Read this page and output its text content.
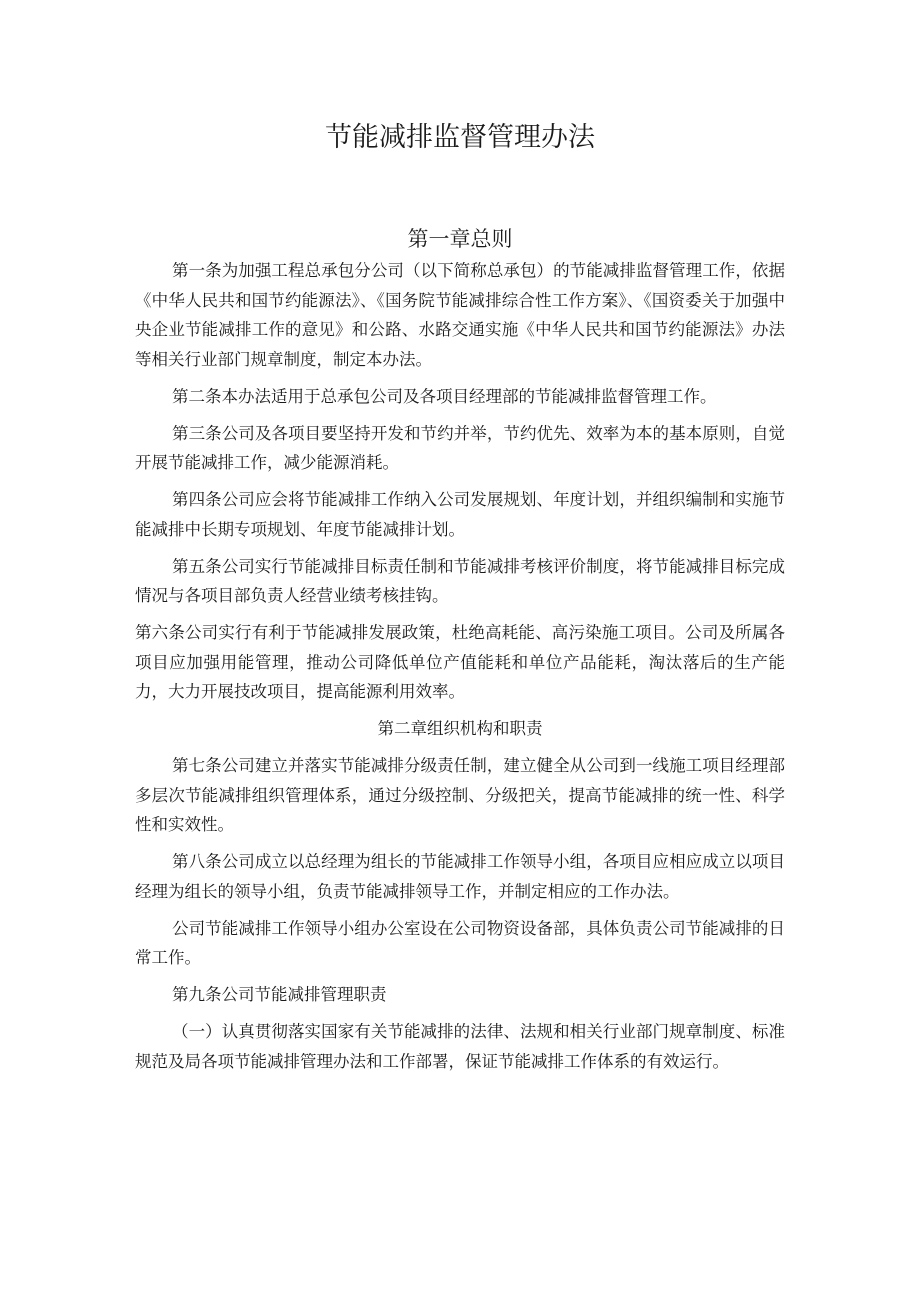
节能减排监督管理办法
第一章总则

第一条为加强工程总承包分公司（以下简称总承包）的节能减排监督管理工作，依据《中华人民共和国节约能源法》、《国务院节能减排综合性工作方案》、《国资委关于加强中央企业节能减排工作的意见》和公路、水路交通实施《中华人民共和国节约能源法》办法等相关行业部门规章制度，制定本办法。

第二条本办法适用于总承包公司及各项目经理部的节能减排监督管理工作。

第三条公司及各项目要坚持开发和节约并举，节约优先、效率为本的基本原则，自觉开展节能减排工作，减少能源消耗。

第四条公司应会将节能减排工作纳入公司发展规划、年度计划，并组织编制和实施节能减排中长期专项规划、年度节能减排计划。

第五条公司实行节能减排目标责任制和节能减排考核评价制度，将节能减排目标完成情况与各项目部负责人经营业绩考核挂钩。

第六条公司实行有利于节能减排发展政策，杜绝高耗能、高污染施工项目。公司及所属各项目应加强用能管理，推动公司降低单位产值能耗和单位产品能耗，淘汰落后的生产能力，大力开展技改项目，提高能源利用效率。

第二章组织机构和职责

第七条公司建立并落实节能减排分级责任制，建立健全从公司到一线施工项目经理部多层次节能减排组织管理体系，通过分级控制、分级把关，提高节能减排的统一性、科学性和实效性。

第八条公司成立以总经理为组长的节能减排工作领导小组，各项目应相应成立以项目经理为组长的领导小组，负责节能减排领导工作，并制定相应的工作办法。

公司节能减排工作领导小组办公室设在公司物资设备部，具体负责公司节能减排的日常工作。

第九条公司节能减排管理职责

（一）认真贯彻落实国家有关节能减排的法律、法规和相关行业部门规章制度、标准规范及局各项节能减排管理办法和工作部署，保证节能减排工作体系的有效运行。
